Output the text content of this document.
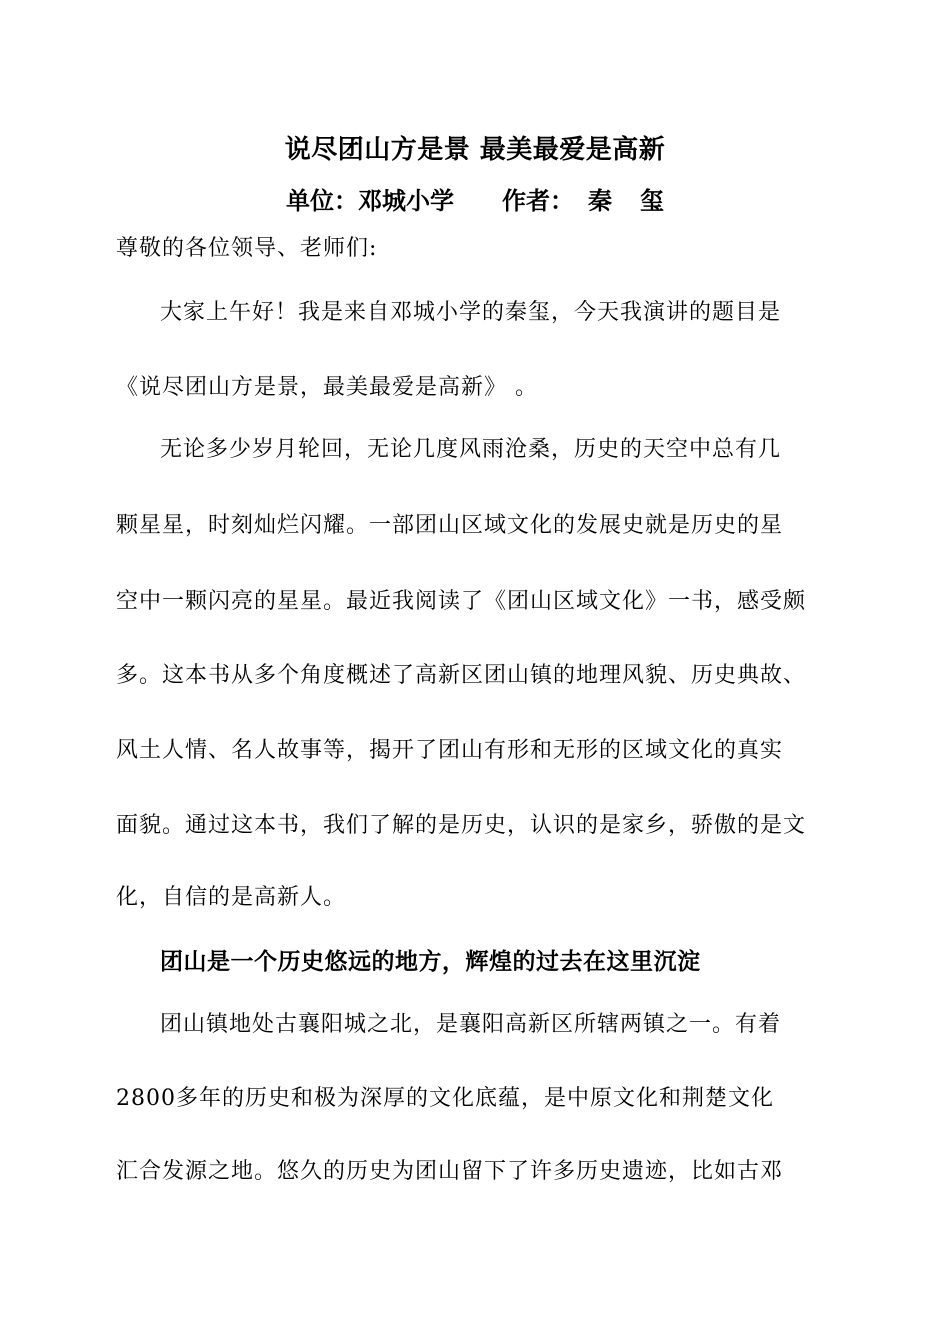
说尽团山方是景 最美最爱是高新
单位：邓城小学 作者： 秦 玺
尊敬的各位领导、老师们:
大家上午好！我是来自邓城小学的秦玺，今天我演讲的题目是
《说尽团山方是景，最美最爱是高新》 。
无论多少岁月轮回，无论几度风雨沧桑，历史的天空中总有几
颗星星，时刻灿烂闪耀。一部团山区域文化的发展史就是历史的星
空中一颗闪亮的星星。最近我阅读了《团山区域文化》一书，感受颇
多。这本书从多个角度概述了高新区团山镇的地理风貌、历史典故、
风土人情、名人故事等，揭开了团山有形和无形的区域文化的真实
面貌。通过这本书，我们了解的是历史，认识的是家乡，骄傲的是文
化，自信的是高新人。
团山是一个历史悠远的地方，辉煌的过去在这里沉淀
团山镇地处古襄阳城之北，是襄阳高新区所辖两镇之一。有着
2800多年的历史和极为深厚的文化底蕴，是中原文化和荆楚文化
汇合发源之地。悠久的历史为团山留下了许多历史遗迹，比如古邓
